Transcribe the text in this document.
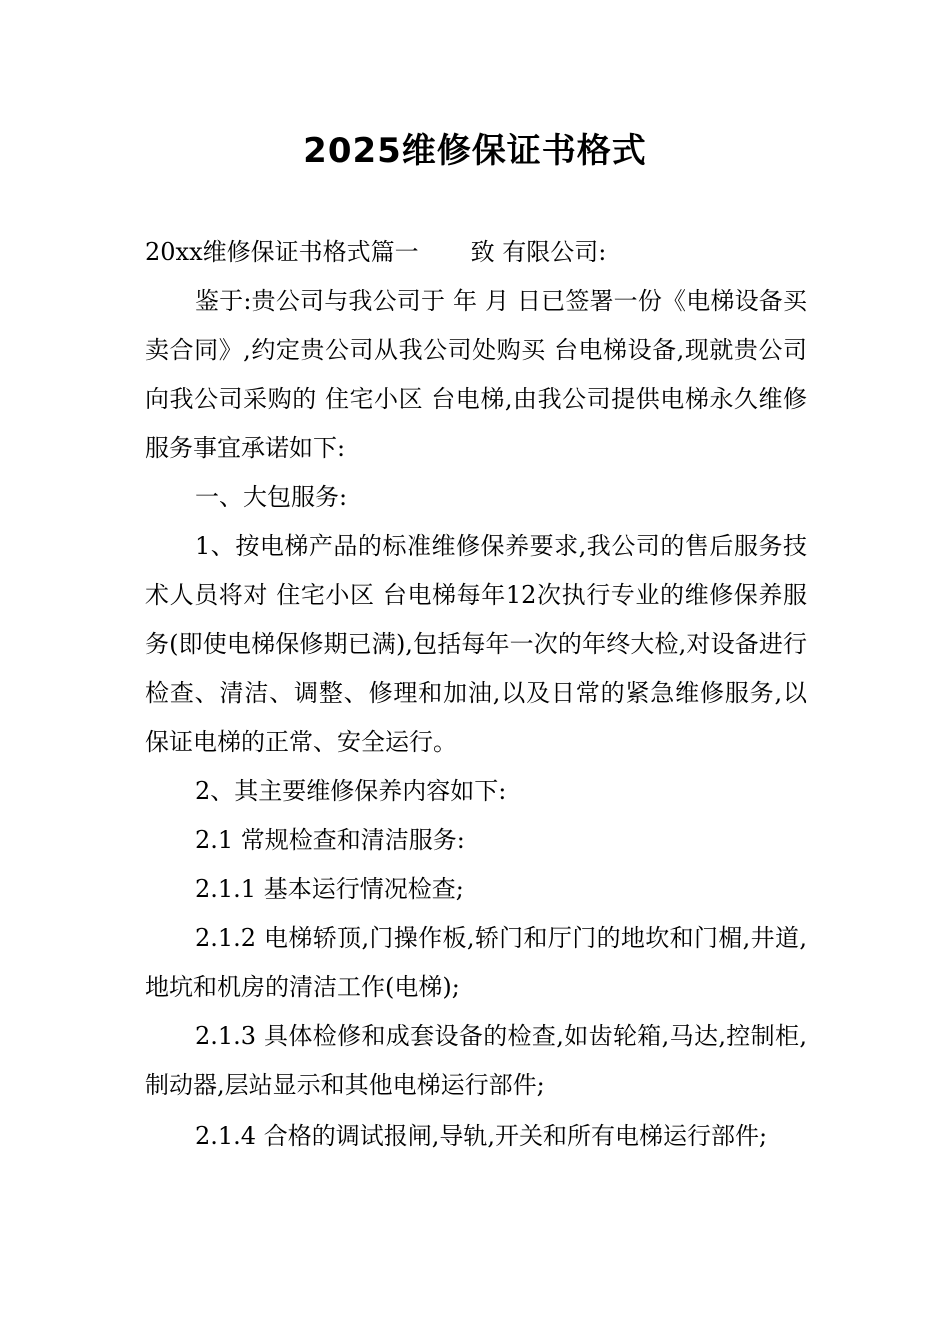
2025维修保证书格式

20xx维修保证书格式篇一 致 有限公司:

鉴于:贵公司与我公司于 年 月 日已签署一份《电梯设备买卖合同》,约定贵公司从我公司处购买 台电梯设备,现就贵公司向我公司采购的 住宅小区 台电梯,由我公司提供电梯永久维修服务事宜承诺如下:

一、大包服务:

1、按电梯产品的标准维修保养要求,我公司的售后服务技术人员将对 住宅小区 台电梯每年12次执行专业的维修保养服务(即使电梯保修期已满),包括每年一次的年终大检,对设备进行检查、清洁、调整、修理和加油,以及日常的紧急维修服务,以保证电梯的正常、安全运行。

2、其主要维修保养内容如下:

2.1 常规检查和清洁服务:

2.1.1 基本运行情况检查;

2.1.2 电梯轿顶,门操作板,轿门和厅门的地坎和门楣,井道,地坑和机房的清洁工作(电梯);

2.1.3 具体检修和成套设备的检查,如齿轮箱,马达,控制柜,制动器,层站显示和其他电梯运行部件;

2.1.4 合格的调试报闸,导轨,开关和所有电梯运行部件;
